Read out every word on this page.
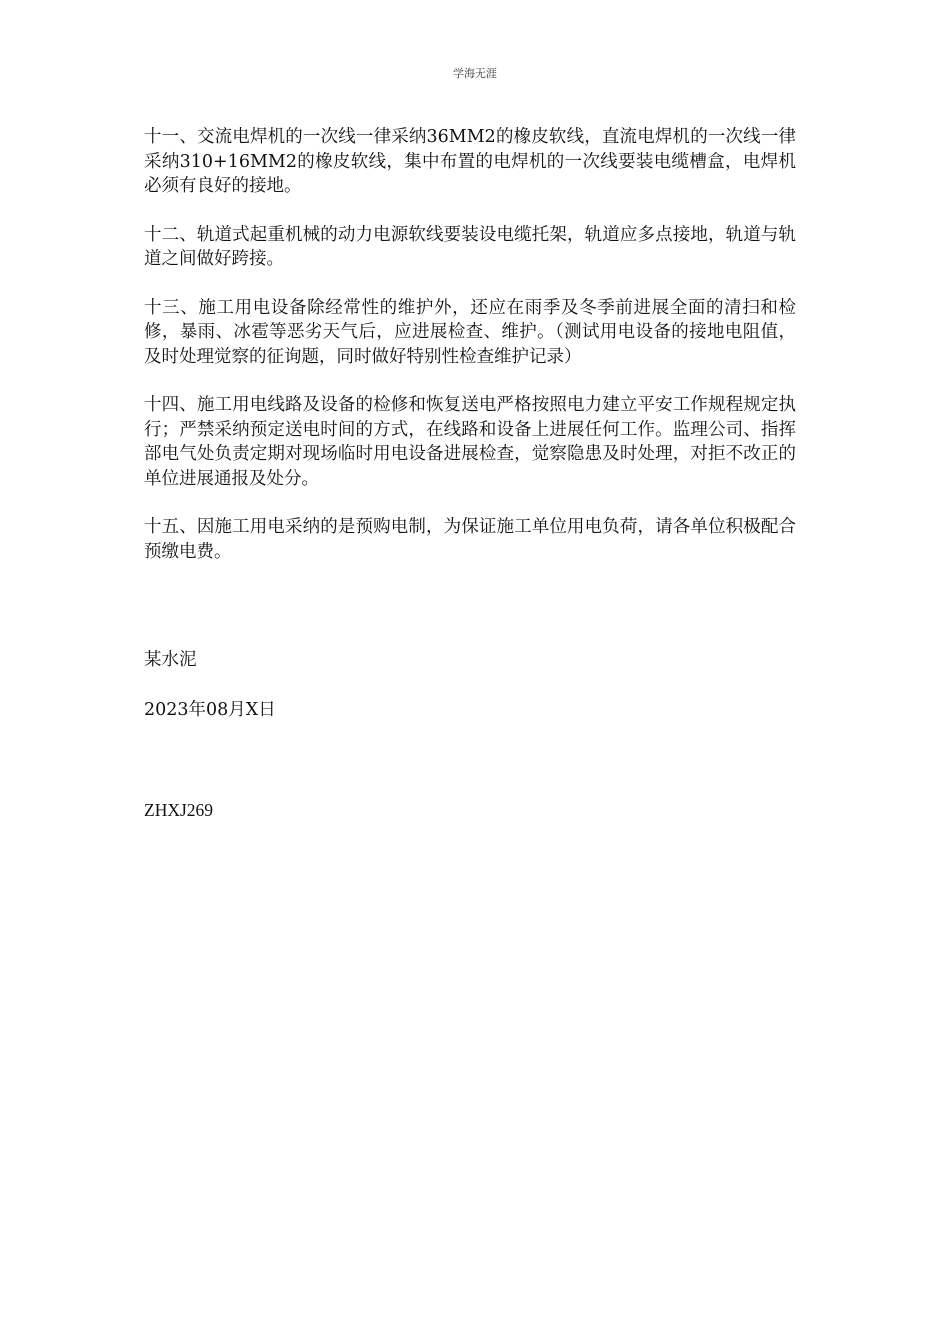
学海无涯

十一、交流电焊机的一次线一律采纳36MM2的橡皮软线，直流电焊机的一次线一律采纳310+16MM2的橡皮软线，集中布置的电焊机的一次线要装电缆槽盒，电焊机必须有良好的接地。

十二、轨道式起重机械的动力电源软线要装设电缆托架，轨道应多点接地，轨道与轨道之间做好跨接。

十三、施工用电设备除经常性的维护外，还应在雨季及冬季前进展全面的清扫和检修，暴雨、冰雹等恶劣天气后，应进展检查、维护。（测试用电设备的接地电阻值，及时处理觉察的征询题，同时做好特别性检查维护记录）

十四、施工用电线路及设备的检修和恢复送电严格按照电力建立平安工作规程规定执行；严禁采纳预定送电时间的方式，在线路和设备上进展任何工作。监理公司、指挥部电气处负责定期对现场临时用电设备进展检查，觉察隐患及时处理，对拒不改正的单位进展通报及处分。

十五、因施工用电采纳的是预购电制，为保证施工单位用电负荷，请各单位积极配合预缴电费。

某水泥
2023年08月X日
ZHXJ269
